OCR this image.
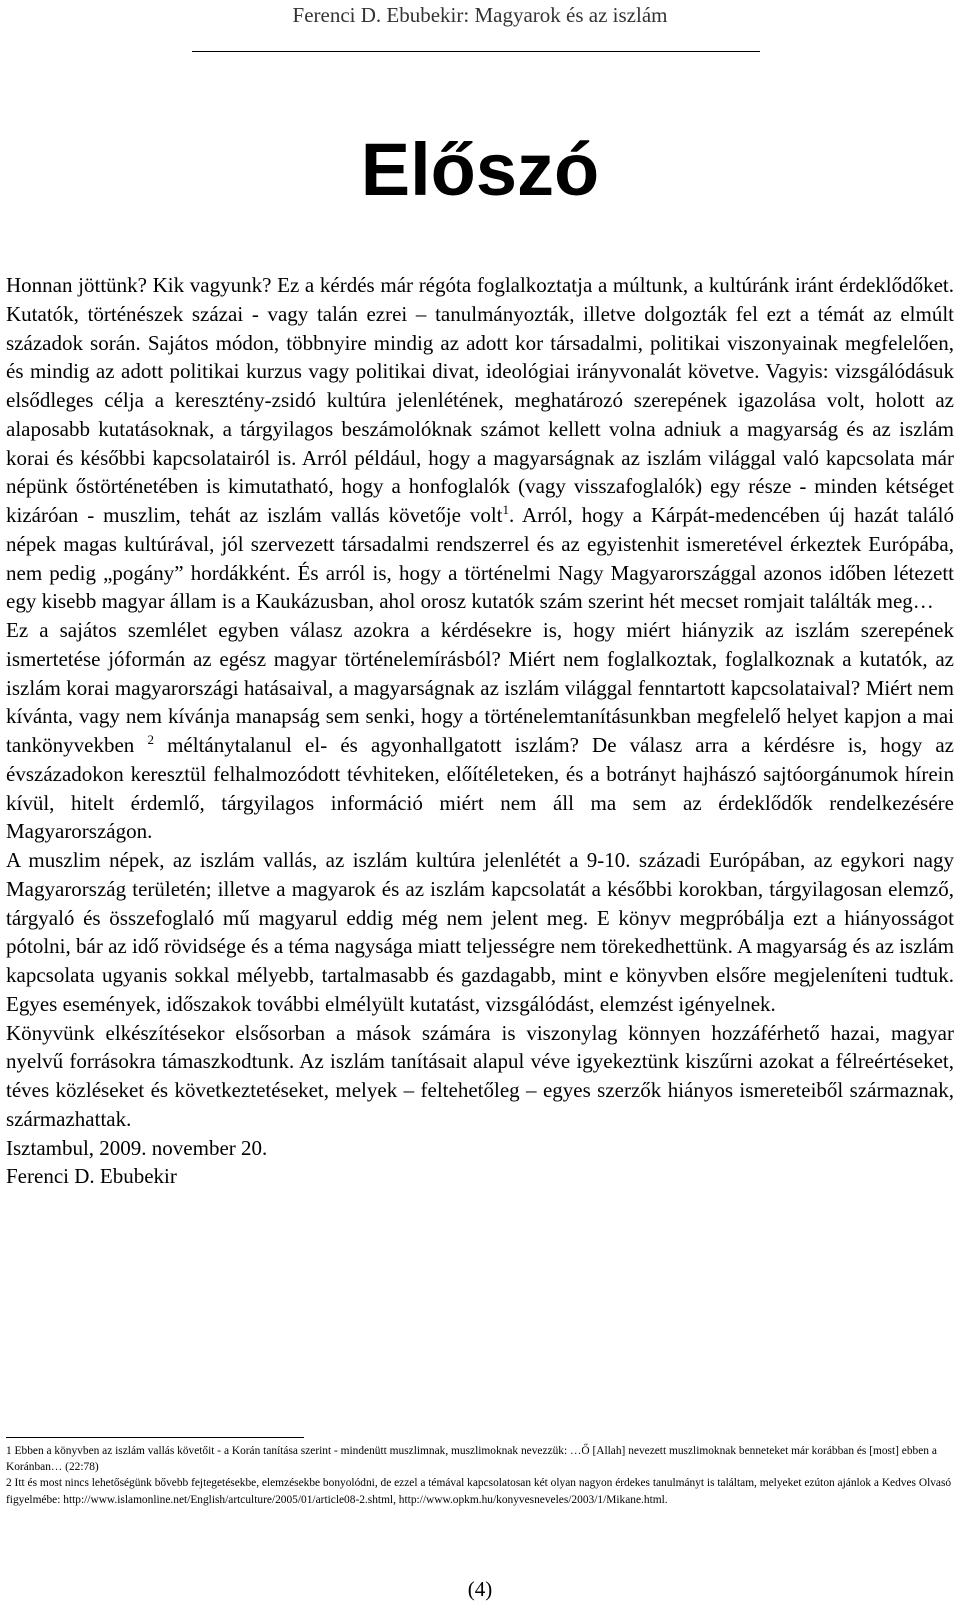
Ferenci D. Ebubekir: Magyarok és az iszlám
Előszó

Honnan jöttünk? Kik vagyunk? Ez a kérdés már régóta foglalkoztatja a múltunk, a kultúránk iránt érdeklődőket. Kutatók, történészek százai - vagy talán ezrei – tanulmányozták, illetve dolgozták fel ezt a témát az elmúlt századok során. Sajátos módon, többnyire mindig az adott kor társadalmi, politikai viszonyainak megfelelően, és mindig az adott politikai kurzus vagy politikai divat, ideológiai irányvonalát követve. Vagyis: vizsgálódásuk elsődleges célja a keresztény-zsidó kultúra jelenlétének, meghatározó szerepének igazolása volt, holott az alaposabb kutatásoknak, a tárgyilagos beszámolóknak számot kellett volna adniuk a magyarság és az iszlám korai és későbbi kapcsolatairól is. Arról például, hogy a magyarságnak az iszlám világgal való kapcsolata már népünk őstörténetében is kimutatható, hogy a honfoglalók (vagy visszafoglalók) egy része - minden kétséget kizáróan - muszlim, tehát az iszlám vallás követője volt$^1$. Arról, hogy a Kárpát-medencében új hazát találó népek magas kultúrával, jól szervezett társadalmi rendszerrel és az egyistenhit ismeretével érkeztek Európába, nem pedig „pogány” hordákként. És arról is, hogy a történelmi Nagy Magyarországgal azonos időben létezett egy kisebb magyar állam is a Kaukázusban, ahol orosz kutatók szám szerint hét mecset romjait találták meg…

Ez a sajátos szemlélet egyben válasz azokra a kérdésekre is, hogy miért hiányzik az iszlám szerepének ismertetése jóformán az egész magyar történelemírásból? Miért nem foglalkoztak, foglalkoznak a kutatók, az iszlám korai magyarországi hatásaival, a magyarságnak az iszlám világgal fenntartott kapcsolataival? Miért nem kívánta, vagy nem kívánja manapság sem senki, hogy a történelemtanításunkban megfelelő helyet kapjon a mai tankönyvekben $^2$ méltánytalanul el- és agyonhallgatott iszlám? De válasz arra a kérdésre is, hogy az évszázadokon keresztül felhalmozódott tévhiteken, előítéleteken, és a botrányt hajhászó sajtóorgánumok hírein kívül, hitelt érdemlő, tárgyilagos információ miért nem áll ma sem az érdeklődők rendelkezésére Magyarországon.

A muszlim népek, az iszlám vallás, az iszlám kultúra jelenlétét a 9-10. századi Európában, az egykori nagy Magyarország területén; illetve a magyarok és az iszlám kapcsolatát a későbbi korokban, tárgyilagosan elemző, tárgyaló és összefoglaló mű magyarul eddig még nem jelent meg. E könyv megpróbálja ezt a hiányosságot pótolni, bár az idő rövidsége és a téma nagysága miatt teljességre nem törekedhettünk. A magyarság és az iszlám kapcsolata ugyanis sokkal mélyebb, tartalmasabb és gazdagabb, mint e könyvben elsőre megjeleníteni tudtuk. Egyes események, időszakok további elmélyült kutatást, vizsgálódást, elemzést igényelnek.

Könyvünk elkészítésekor elsősorban a mások számára is viszonylag könnyen hozzáférhető hazai, magyar nyelvű forrásokra támaszkodtunk. Az iszlám tanításait alapul véve igyekeztünk kiszűrni azokat a félreértéseket, téves közléseket és következtetéseket, melyek – feltehetőleg – egyes szerzők hiányos ismereteiből származnak, származhattak.

Isztambul, 2009. november 20.

Ferenci D. Ebubekir

1 Ebben a könyvben az iszlám vallás követőit - a Korán tanítása szerint - mindenütt muszlimnak, muszlimoknak nevezzük: …Ő [Allah] nevezett muszlimoknak benneteket már korábban és [most] ebben a Koránban… (22:78)

2 Itt és most nincs lehetőségünk bővebb fejtegetésekbe, elemzésekbe bonyolódni, de ezzel a témával kapcsolatosan két olyan nagyon érdekes tanulmányt is találtam, melyeket ezúton ajánlok a Kedves Olvasó figyelmébe: http://www.islamonline.net/English/artculture/2005/01/article08-2.shtml, http://www.opkm.hu/konyvesneveles/2003/1/Mikane.html.

(4)
